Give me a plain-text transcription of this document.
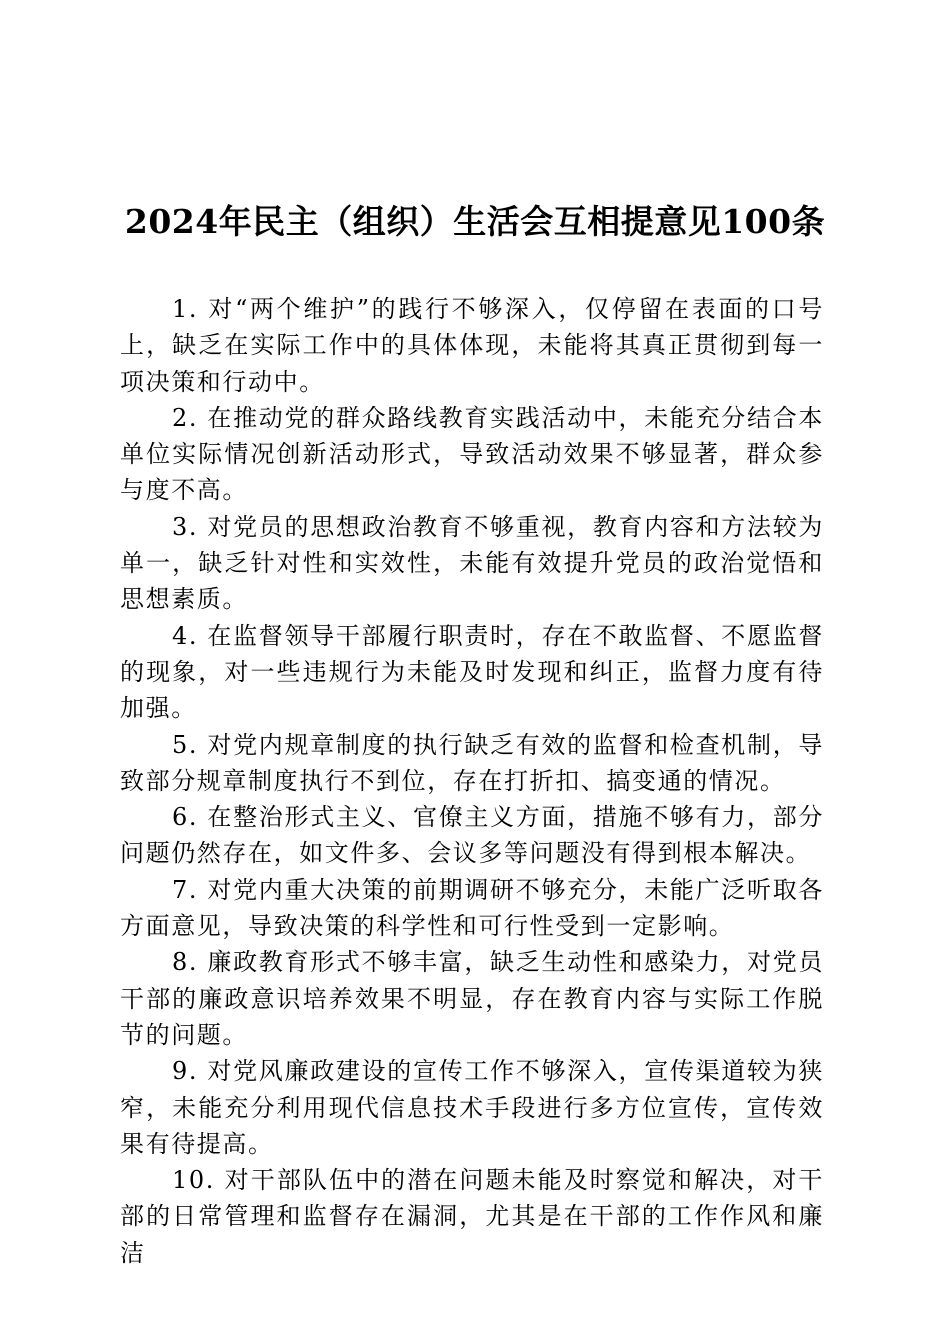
2024年民主（组织）生活会互相提意见100条

1. 对“两个维护”的践行不够深入，仅停留在表面的口号上，缺乏在实际工作中的具体体现，未能将其真正贯彻到每一项决策和行动中。

2. 在推动党的群众路线教育实践活动中，未能充分结合本单位实际情况创新活动形式，导致活动效果不够显著，群众参与度不高。

3. 对党员的思想政治教育不够重视，教育内容和方法较为单一，缺乏针对性和实效性，未能有效提升党员的政治觉悟和思想素质。

4. 在监督领导干部履行职责时，存在不敢监督、不愿监督的现象，对一些违规行为未能及时发现和纠正，监督力度有待加强。

5. 对党内规章制度的执行缺乏有效的监督和检查机制，导致部分规章制度执行不到位，存在打折扣、搞变通的情况。

6. 在整治形式主义、官僚主义方面，措施不够有力，部分问题仍然存在，如文件多、会议多等问题没有得到根本解决。

7. 对党内重大决策的前期调研不够充分，未能广泛听取各方面意见，导致决策的科学性和可行性受到一定影响。

8. 廉政教育形式不够丰富，缺乏生动性和感染力，对党员干部的廉政意识培养效果不明显，存在教育内容与实际工作脱节的问题。

9. 对党风廉政建设的宣传工作不够深入，宣传渠道较为狭窄，未能充分利用现代信息技术手段进行多方位宣传，宣传效果有待提高。

10. 对干部队伍中的潜在问题未能及时察觉和解决，对干部的日常管理和监督存在漏洞，尤其是在干部的工作作风和廉洁
